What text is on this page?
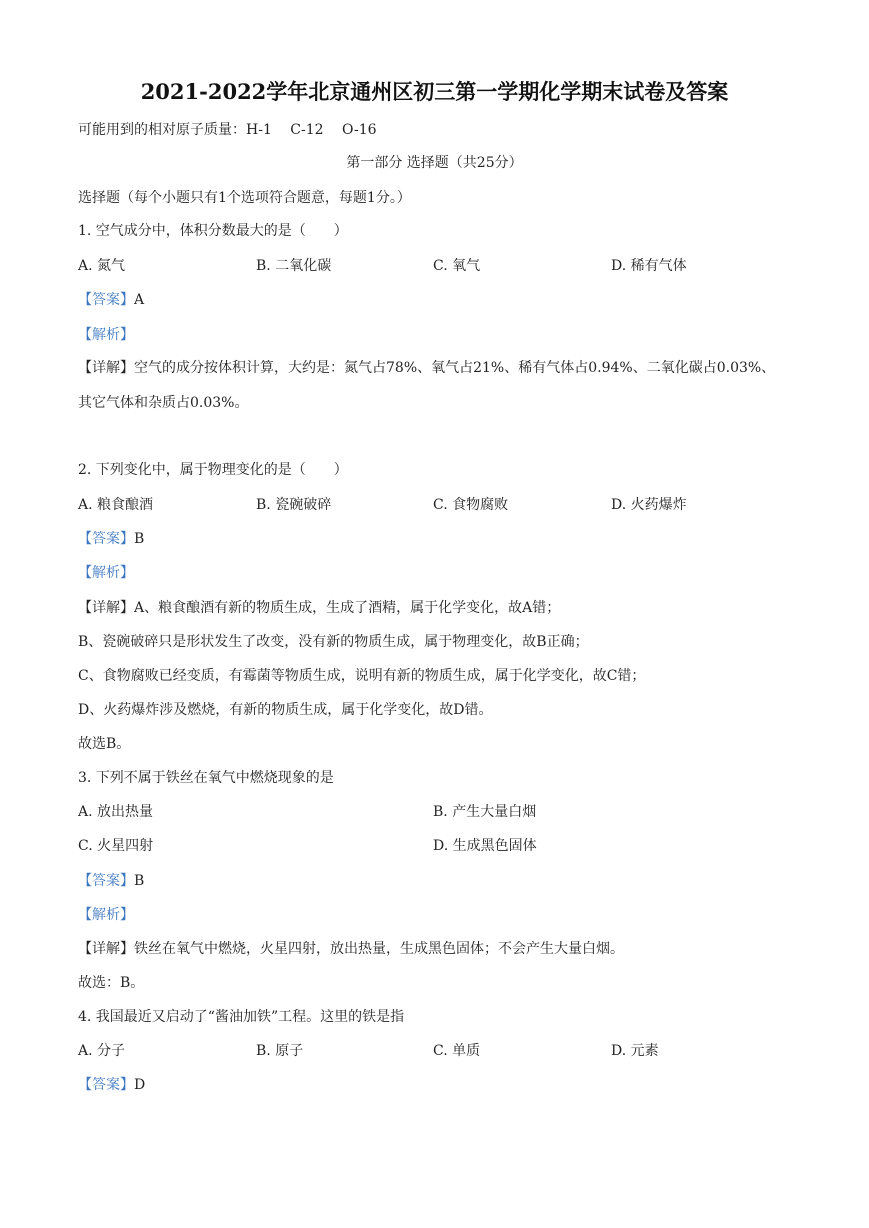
2021-2022学年北京通州区初三第一学期化学期末试卷及答案
可能用到的相对原子质量：H-1　 C-12　 O-16
第一部分 选择题（共25分）
选择题（每个小题只有1个选项符合题意，每题1分。）
1. 空气成分中，体积分数最大的是（　　）
A. 氮气	B. 二氧化碳	C. 氧气	D. 稀有气体
【答案】A
【解析】
【详解】空气的成分按体积计算，大约是：氮气占78%、氧气占21%、稀有气体占0.94%、二氧化碳占0.03%、
其它气体和杂质占0.03%。
2. 下列变化中，属于物理变化的是（　　）
A. 粮食酿酒	B. 瓷碗破碎	C. 食物腐败	D. 火药爆炸
【答案】B
【解析】
【详解】A、粮食酿酒有新的物质生成，生成了酒精，属于化学变化，故A错；
B、瓷碗破碎只是形状发生了改变，没有新的物质生成，属于物理变化，故B正确；
C、食物腐败已经变质，有霉菌等物质生成，说明有新的物质生成，属于化学变化，故C错；
D、火药爆炸涉及燃烧，有新的物质生成，属于化学变化，故D错。
故选B。
3. 下列不属于铁丝在氧气中燃烧现象的是
A. 放出热量	B. 产生大量白烟
C. 火星四射	D. 生成黑色固体
【答案】B
【解析】
【详解】铁丝在氧气中燃烧，火星四射，放出热量，生成黑色固体；不会产生大量白烟。
故选：B。
4. 我国最近又启动了“酱油加铁”工程。这里的铁是指
A. 分子	B. 原子	C. 单质	D. 元素
【答案】D
